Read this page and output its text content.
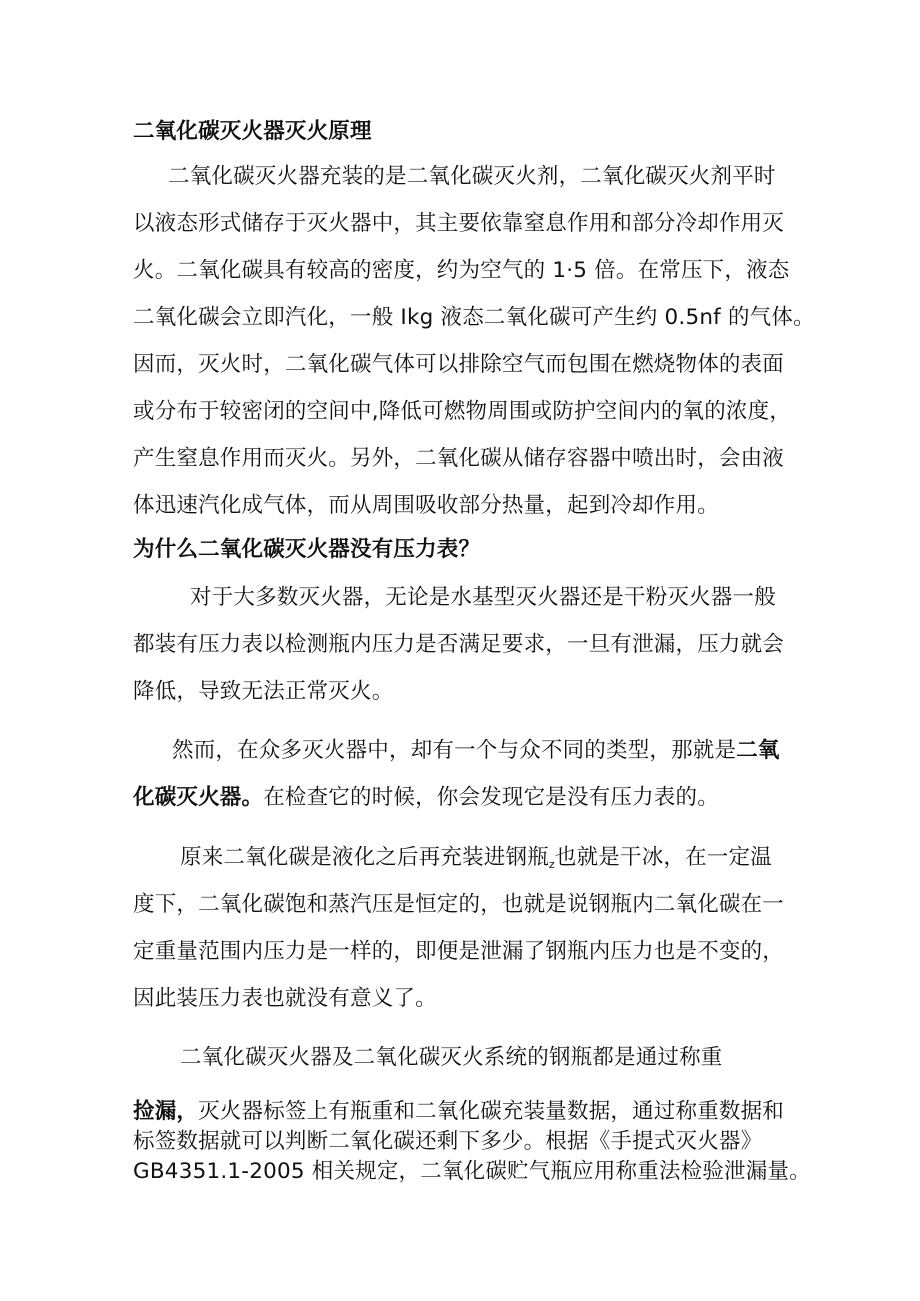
二氧化碳灭火器灭火原理
二氧化碳灭火器充装的是二氧化碳灭火剂，二氧化碳灭火剂平时
以液态形式储存于灭火器中，其主要依靠窒息作用和部分冷却作用灭
火。二氧化碳具有较高的密度，约为空气的 1·5 倍。在常压下，液态
二氧化碳会立即汽化，一般 Ikg 液态二氧化碳可产生约 0.5nf 的气体。
因而，灭火时，二氧化碳气体可以排除空气而包围在燃烧物体的表面
或分布于较密闭的空间中,降低可燃物周围或防护空间内的氧的浓度，
产生窒息作用而灭火。另外，二氧化碳从储存容器中喷出时，会由液
体迅速汽化成气体，而从周围吸收部分热量，起到冷却作用。
为什么二氧化碳灭火器没有压力表？
对于大多数灭火器，无论是水基型灭火器还是干粉灭火器一般
都装有压力表以检测瓶内压力是否满足要求，一旦有泄漏，压力就会
降低，导致无法正常灭火。
然而，在众多灭火器中，却有一个与众不同的类型，那就是二氧
化碳灭火器。在检查它的时候，你会发现它是没有压力表的。
原来二氧化碳是液化之后再充装进钢瓶$_z$也就是干冰，在一定温
度下，二氧化碳饱和蒸汽压是恒定的，也就是说钢瓶内二氧化碳在一
定重量范围内压力是一样的，即便是泄漏了钢瓶内压力也是不变的，
因此装压力表也就没有意义了。
二氧化碳灭火器及二氧化碳灭火系统的钢瓶都是通过称重
捡漏，灭火器标签上有瓶重和二氧化碳充装量数据，通过称重数据和
标签数据就可以判断二氧化碳还剩下多少。根据《手提式灭火器》
GB4351.1-2005 相关规定，二氧化碳贮气瓶应用称重法检验泄漏量。
